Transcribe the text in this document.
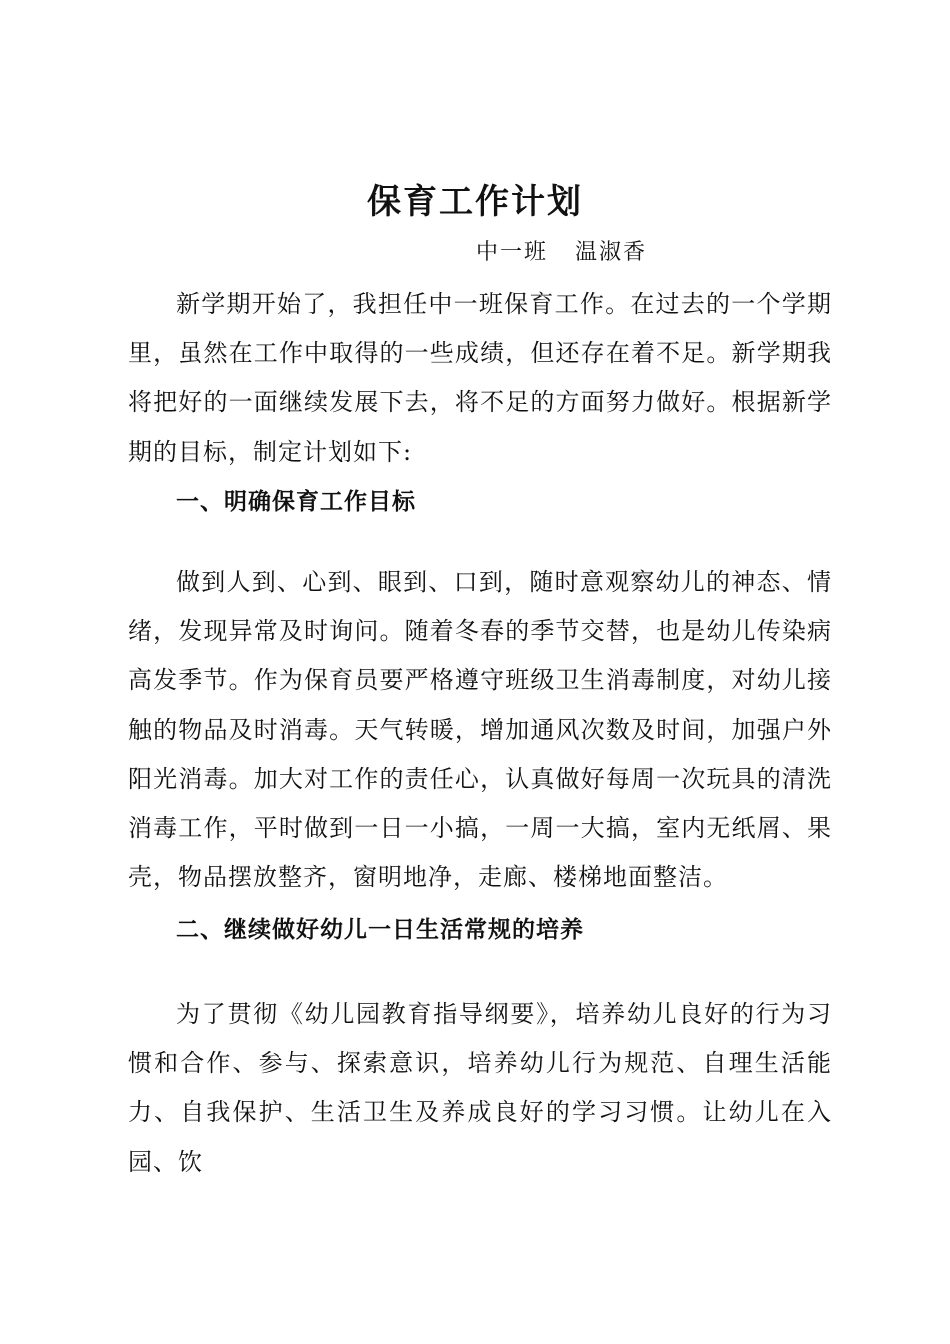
保育工作计划

中一班   温淑香

新学期开始了，我担任中一班保育工作。在过去的一个学期里，虽然在工作中取得的一些成绩，但还存在着不足。新学期我将把好的一面继续发展下去，将不足的方面努力做好。根据新学期的目标，制定计划如下:

一、明确保育工作目标

做到人到、心到、眼到、口到，随时意观察幼儿的神态、情绪，发现异常及时询问。随着冬春的季节交替，也是幼儿传染病高发季节。作为保育员要严格遵守班级卫生消毒制度，对幼儿接触的物品及时消毒。天气转暖，增加通风次数及时间，加强户外阳光消毒。加大对工作的责任心，认真做好每周一次玩具的清洗消毒工作，平时做到一日一小搞，一周一大搞，室内无纸屑、果壳，物品摆放整齐，窗明地净，走廊、楼梯地面整洁。

二、继续做好幼儿一日生活常规的培养

为了贯彻《幼儿园教育指导纲要》，培养幼儿良好的行为习惯和合作、参与、探索意识，培养幼儿行为规范、自理生活能力、自我保护、生活卫生及养成良好的学习习惯。让幼儿在入园、饮
